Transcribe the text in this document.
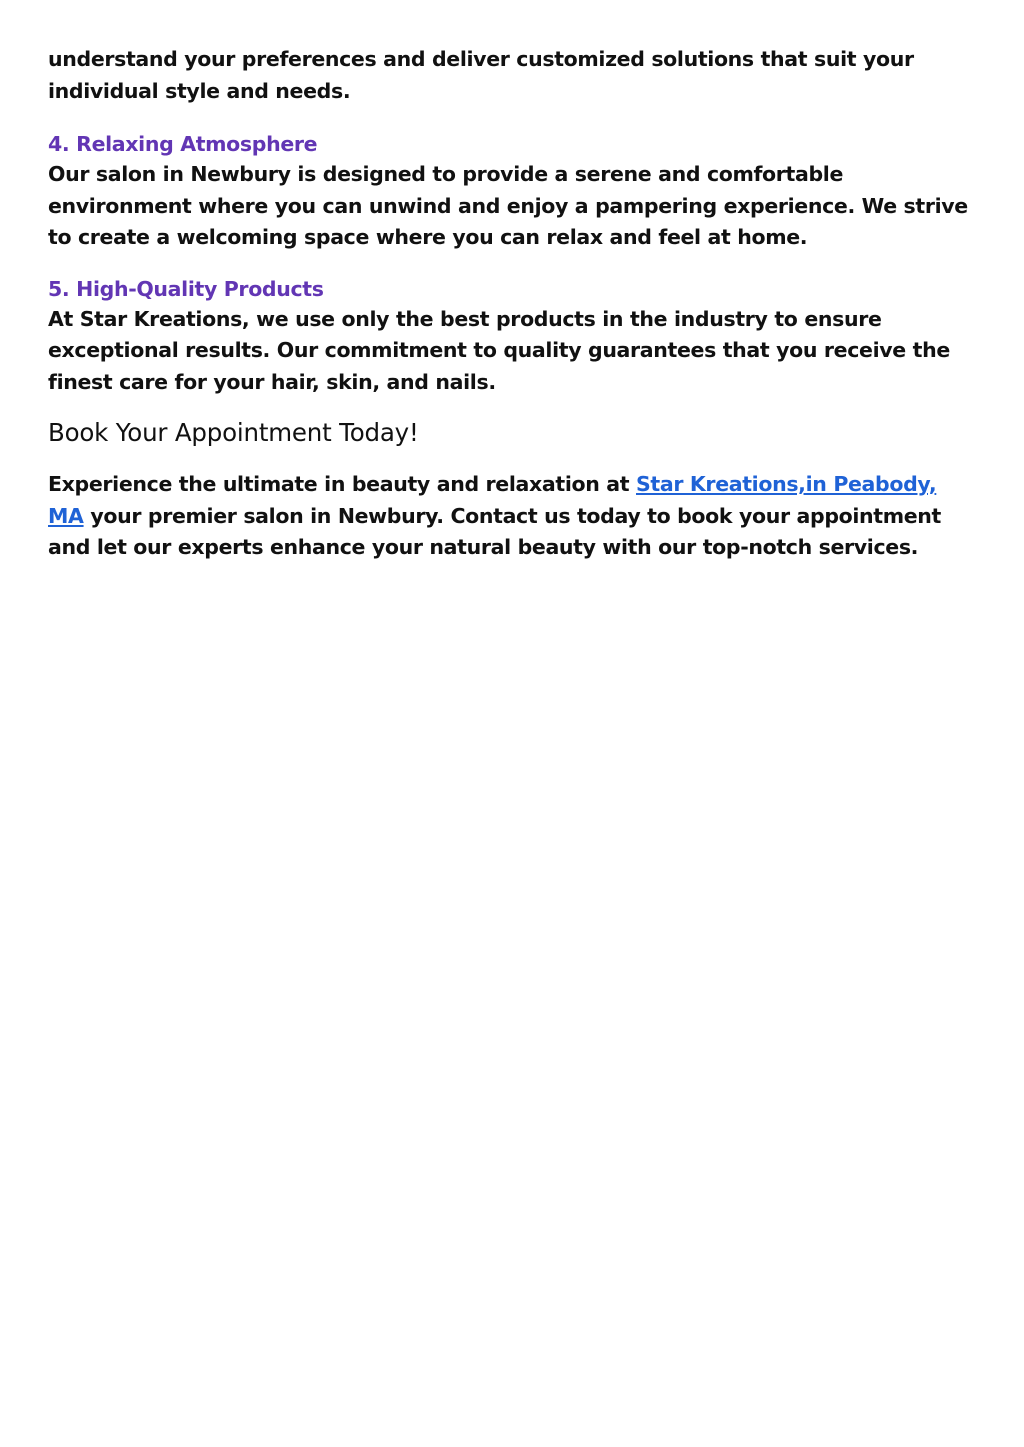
understand your preferences and deliver customized solutions that suit your individual style and needs.

4. Relaxing Atmosphere

Our salon in Newbury is designed to provide a serene and comfortable environment where you can unwind and enjoy a pampering experience. We strive to create a welcoming space where you can relax and feel at home.

5. High-Quality Products

At Star Kreations, we use only the best products in the industry to ensure exceptional results. Our commitment to quality guarantees that you receive the finest care for your hair, skin, and nails.

Book Your Appointment Today!

Experience the ultimate in beauty and relaxation at Star Kreations,in Peabody, MA your premier salon in Newbury. Contact us today to book your appointment and let our experts enhance your natural beauty with our top-notch services.
